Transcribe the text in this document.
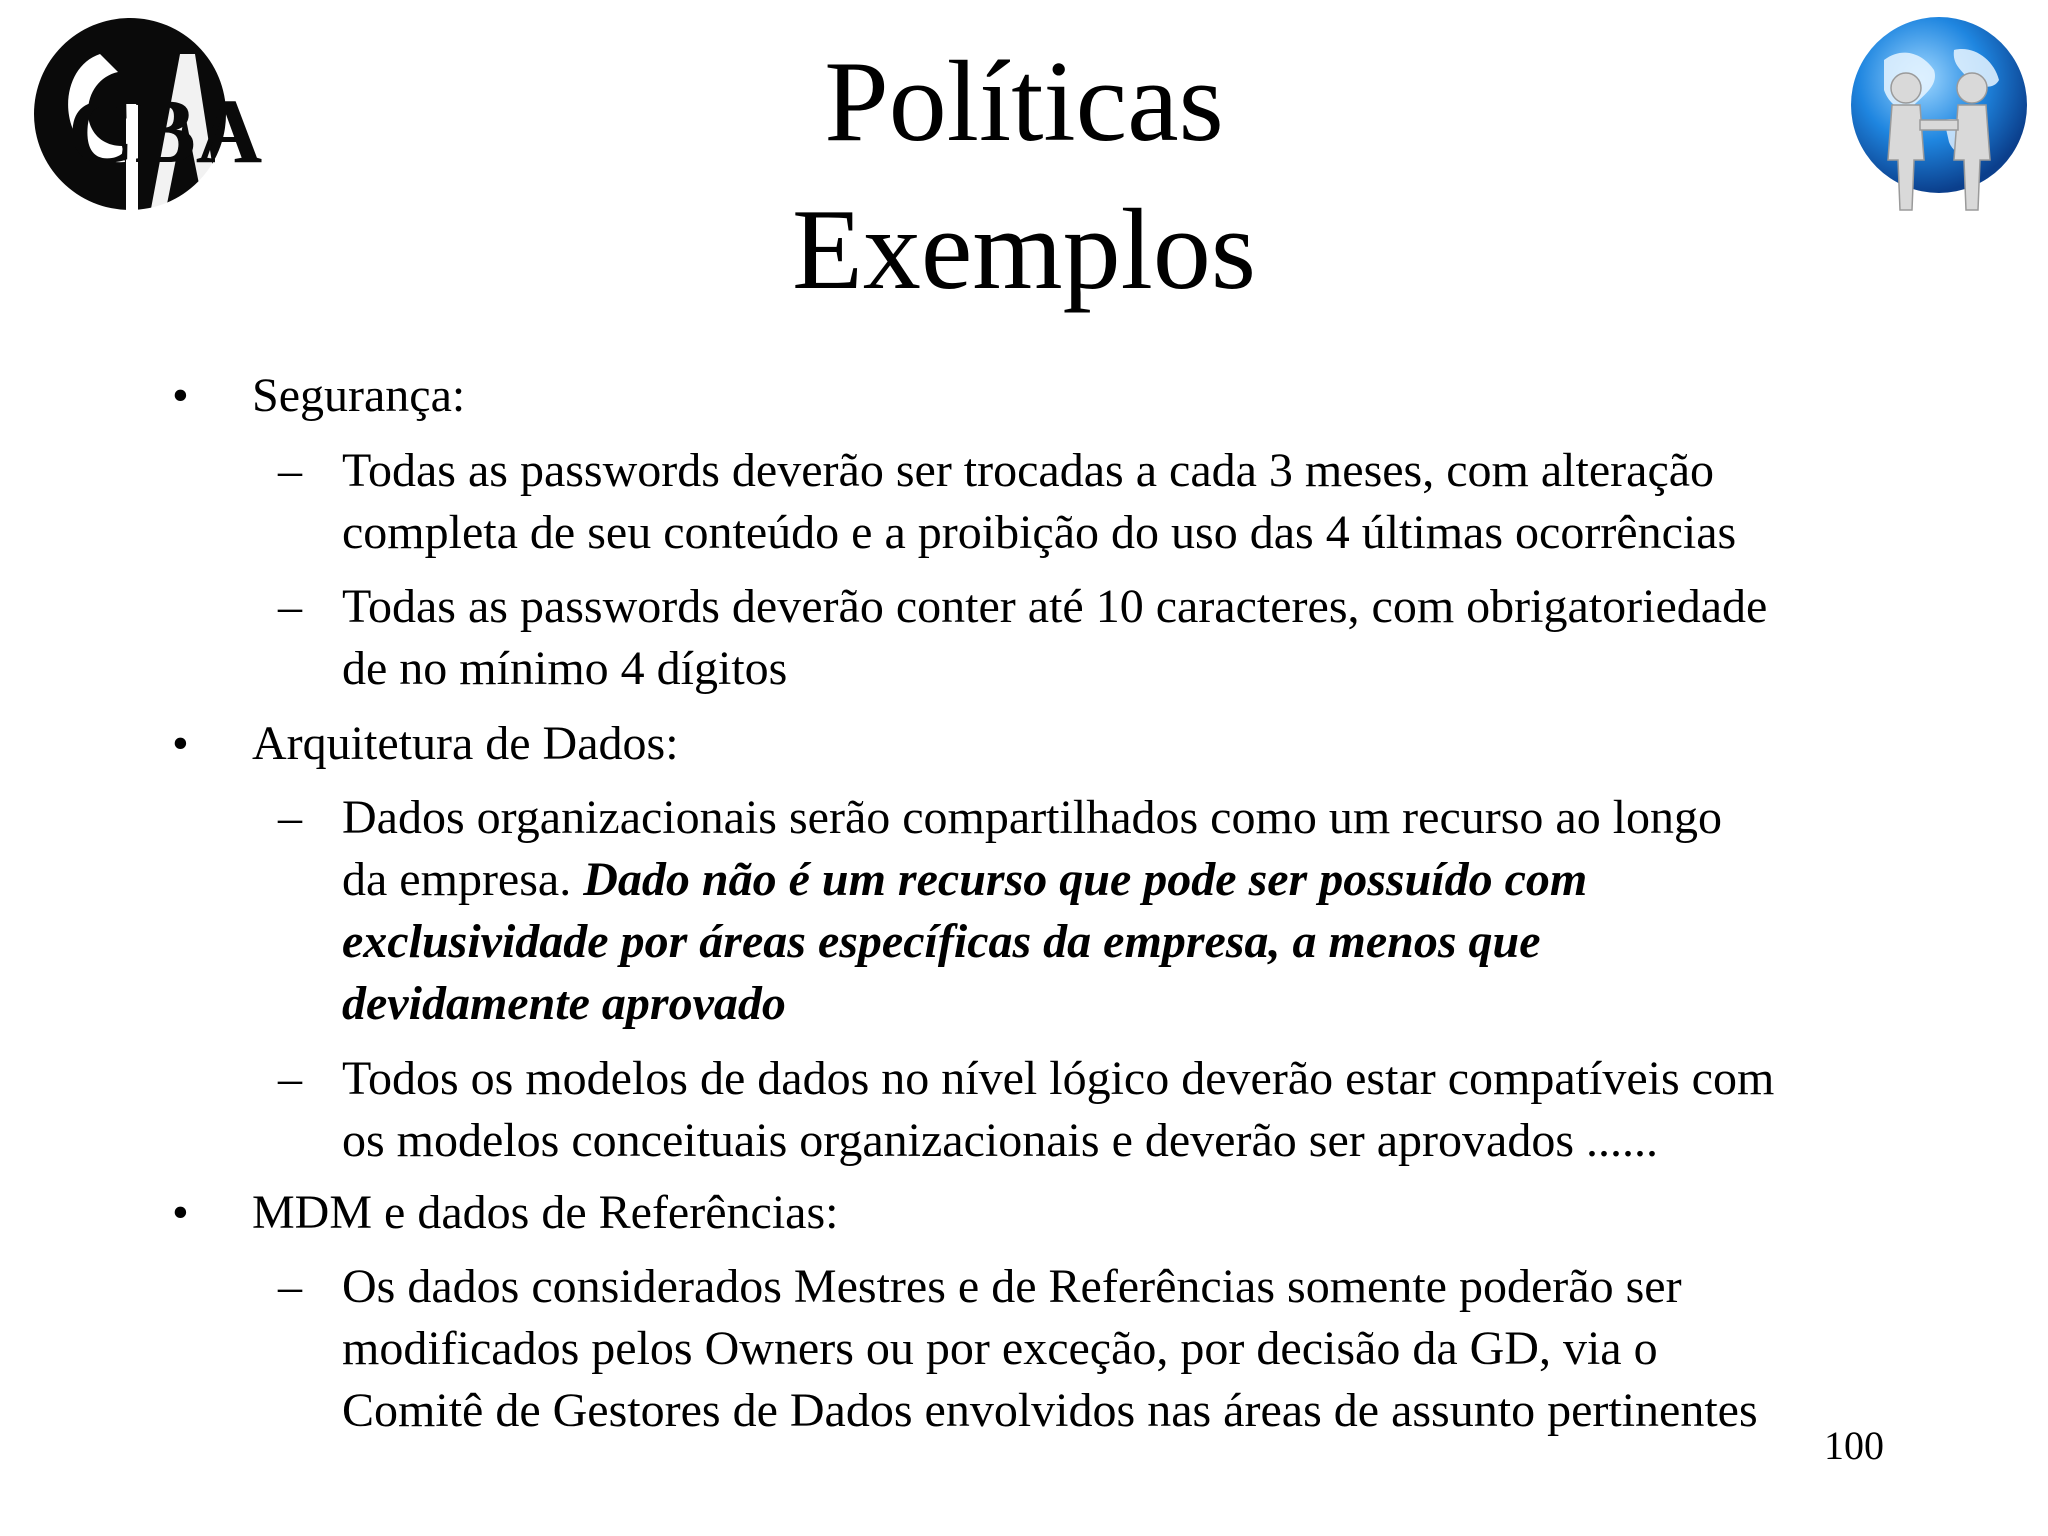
CBA	Políticas
Exemplos
• Segurança:
– Todas as passwords deverão ser trocadas a cada 3 meses, com alteração
completa de seu conteúdo e a proibição do uso das 4 últimas ocorrências
– Todas as passwords deverão conter até 10 caracteres, com obrigatoriedade
de no mínimo 4 dígitos
• Arquitetura de Dados:
– Dados organizacionais serão compartilhados como um recurso ao longo
da empresa. Dado não é um recurso que pode ser possuído com
exclusividade por áreas específicas da empresa, a menos que
devidamente aprovado
– Todos os modelos de dados no nível lógico deverão estar compatíveis com
os modelos conceituais organizacionais e deverão ser aprovados ......
• MDM e dados de Referências:
– Os dados considerados Mestres e de Referências somente poderão ser
modificados pelos Owners ou por exceção, por decisão da GD, via o
Comitê de Gestores de Dados envolvidos nas áreas de assunto pertinentes
100
